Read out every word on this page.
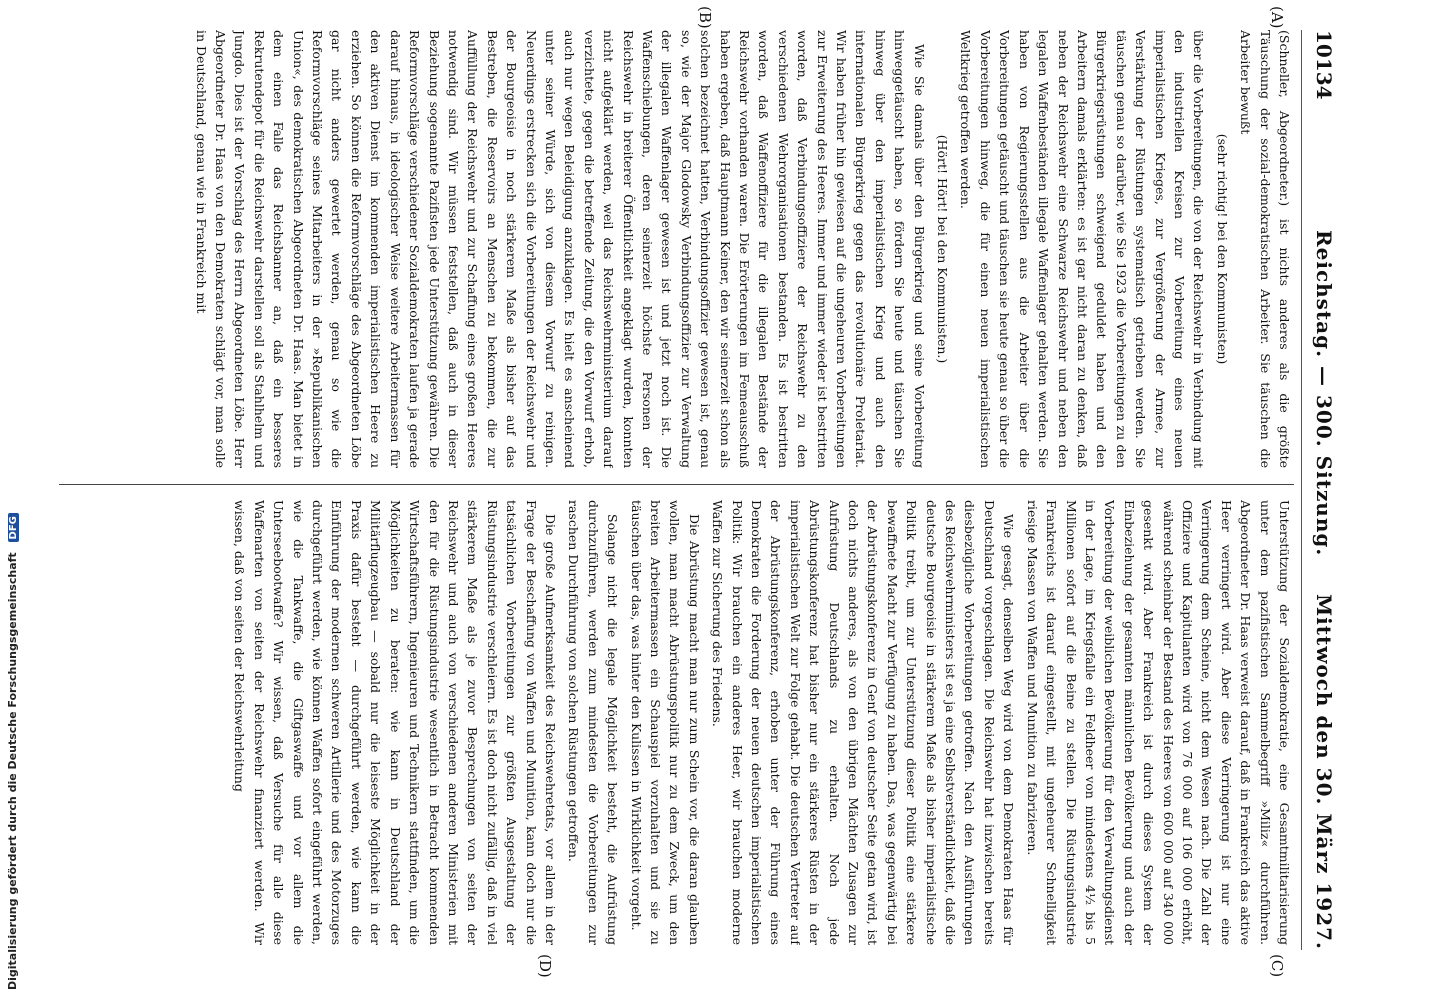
10134
Reichstag. — 300. Sitzung.
Mittwoch den 30. März 1927.
(A)
(B)
(C)
(D)

(Schneller, Abgeordneter.) ist nichts anderes als die größte Täuschung der sozial-demokratischen Arbeiter. Sie täuschen die Arbeiter bewußt

(sehr richtig! bei den Kommunisten)

über die Vorbereitungen, die von der Reichswehr in Verbindung mit den industriellen Kreisen zur Vorbereitung eines neuen imperialistischen Krieges, zur Vergrößerung der Armee, zur Verstärkung der Rüstungen systematisch getrieben werden. Sie täuschen genau so darüber, wie Sie 1923 die Vorbereitungen zu den Bürgerkriegsrüstungen schweigend geduldet haben und den Arbeitern damals erklärten: es ist gar nicht daran zu denken, daß neben der Reichswehr eine Schwarze Reichswehr und neben den legalen Waffenbeständen illegale Waffenlager gehalten werden. Sie haben von Regierungsstellen aus die Arbeiter über die Vorbereitungen getäuscht und täuschen sie heute genau so über die Vorbereitungen hinweg, die für einen neuen imperialistischen Weltkrieg getroffen werden.

(Hört! Hört! bei den Kommunisten.)

Wie Sie damals über den Bürgerkrieg und seine Vorbereitung hinweggetäuscht haben, so fördern Sie heute und täuschen Sie hinweg über den imperialistischen Krieg und auch den internationalen Bürgerkrieg gegen das revolutionäre Proletariat. Wir haben früher hin gewiesen auf die ungeheuren Vorbereitungen zur Erweiterung des Heeres. Immer und immer wieder ist bestritten worden, daß Verbindungsoffiziere der Reichswehr zu den verschiedenen Wehrorganisationen bestanden. Es ist bestritten worden, daß Waffenoffiziere für die illegalen Bestände der Reichswehr vorhanden waren. Die Erörterungen im Femeausschuß haben ergeben, daß Hauptmann Keiner, den wir seinerzeit schon als solchen bezeichnet hatten, Verbindungsoffizier gewesen ist, genau so, wie der Major Glodowsky Verbindungsoffizier zur Verwaltung der illegalen Waffenlager gewesen ist und jetzt noch ist. Die Waffenschiebungen, deren seinerzeit höchste Personen der Reichswehr in breiterer Öffentlichkeit angeklagt wurden, konnten nicht aufgeklärt werden, weil das Reichswehrministerium darauf verzichtete, gegen die betreffende Zeitung, die den Vorwurf erhob, auch nur wegen Beleidigung anzuklagen. Es hielt es anscheinend unter seiner Würde, sich von diesem Vorwurf zu reinigen. Neuerdings erstrecken sich die Vorbereitungen der Reichswehr und der Bourgeoisie in noch stärkerem Maße als bisher auf das Bestreben, die Reservoirs an Menschen zu bekommen, die zur Auffüllung der Reichswehr und zur Schaffung eines großen Heeres notwendig sind. Wir müssen feststellen, daß auch in dieser Beziehung sogenannte Pazifisten jede Unterstützung gewähren. Die Reformvorschläge verschiedener Sozialdemokraten laufen ja gerade darauf hinaus, in ideologischer Weise weitere Arbeitermassen für den aktiven Dienst im kommenden imperialistischen Heere zu erziehen. So können die Reformvorschläge des Abgeordneten Löbe gar nicht anders gewertet werden, genau so wie die Reformvorschläge seines Mitarbeiters in der »Republikanischen Union«, des demokratischen Abgeordneten Dr. Haas. Man bietet in dem einen Falle das Reichsbanner an, daß ein besseres Rekrutendepot für die Reichswehr darstellen soll als Stahlhelm und Jungdo. Dies ist der Vorschlag des Herrn Abgeordneten Löbe. Herr Abgeordneter Dr. Haas von den Demokraten schlägt vor, man solle in Deutschland, genau wie in Frankreich mit

Unterstützung der Sozialdemokratie, eine Gesamtmilitarisierung unter dem pazifistischen Sammelbegriff »Miliz« durchführen. Abgeordneter Dr. Haas verweist darauf, daß in Frankreich das aktive Heer verringert wird. Aber diese Verringerung ist nur eine Verringerung dem Scheine, nicht dem Wesen nach. Die Zahl der Offiziere und Kapitulanten wird von 76 000 auf 106 000 erhöht, während scheinbar der Bestand des Heeres von 600 000 auf 340 000 gesenkt wird. Aber Frankreich ist durch dieses System der Einbeziehung der gesamten männlichen Bevölkerung und auch der Vorbereitung der weiblichen Bevölkerung für den Verwaltungsdienst in der Lage, im Kriegsfalle ein Feldheer von mindestens 4½ bis 5 Millionen sofort auf die Beine zu stellen. Die Rüstungsindustrie Frankreichs ist darauf eingestellt, mit ungeheurer Schnelligkeit riesige Massen von Waffen und Munition zu fabrizieren.

Wie gesagt, denselben Weg wird von dem Demokraten Haas für Deutschland vorgeschlagen. Die Reichswehr hat inzwischen bereits diesbezügliche Vorbereitungen getroffen. Nach den Ausführungen des Reichswehrministers ist es ja eine Selbstverständlichkeit, daß die deutsche Bourgeoisie in stärkerem Maße als bisher imperialistische Politik treibt, um zur Unterstützung dieser Politik eine stärkere bewaffnete Macht zur Verfügung zu haben. Das, was gegenwärtig bei der Abrüstungskonferenz in Genf von deutscher Seite getan wird, ist doch nichts anderes, als von den übrigen Mächten Zusagen zur Aufrüstung Deutschlands zu erhalten. Noch jede Abrüstungskonferenz hat bisher nur ein stärkeres Rüsten in der imperialistischen Welt zur Folge gehabt. Die deutschen Vertreter auf der Abrüstungskonferenz, erhoben unter der Führung eines Demokraten die Forderung der neuen deutschen imperialistischen Politik: Wir brauchen ein anderes Heer, wir brauchen moderne Waffen zur Sicherung des Friedens.

Die Abrüstung macht man nur zum Schein vor, die daran glauben wollen, man macht Abrüstungspolitik nur zu dem Zweck, um den breiten Arbeitermassen ein Schauspiel vorzuhalten und sie zu täuschen über das, was hinter den Kulissen in Wirklichkeit vorgeht.

Solange nicht die legale Möglichkeit besteht, die Aufrüstung durchzuführen, werden zum mindesten die Vorbereitungen zur raschen Durchführung von solchen Rüstungen getroffen.

Die große Aufmerksamkeit des Reichswehretats, vor allem in der Frage der Beschaffung von Waffen und Munition, kann doch nur die tatsächlichen Vorbereitungen zur größten Ausgestaltung der Rüstungsindustrie verschleiern. Es ist doch nicht zufällig, daß in viel stärkerem Maße als je zuvor Besprechungen von seiten der Reichswehr und auch von verschiedenen anderen Ministerien mit den für die Rüstungsindustrie wesentlich in Betracht kommenden Wirtschaftsführern, Ingenieuren und Technikern stattfinden, um die Möglichkeiten zu beraten: wie kann in Deutschland der Militärflugzeugbau — sobald nur die leiseste Möglichkeit in der Praxis dafür besteht — durchgeführt werden, wie kann die Einführung der modernen schweren Artillerie und des Motorzuges durchgeführt werden, wie können Waffen sofort eingeführt werden, wie die Tankwaffe, die Giftgaswaffe und vor allem die Unterseebootwaffe? Wir wissen, daß Versuche für alle diese Waffenarten von seiten der Reichswehr finanziert werden. Wir wissen, daß von seiten der Reichswehrleitung

Digitalisierung gefördert durch die Deutsche Forschungsgemeinschaft DFG
